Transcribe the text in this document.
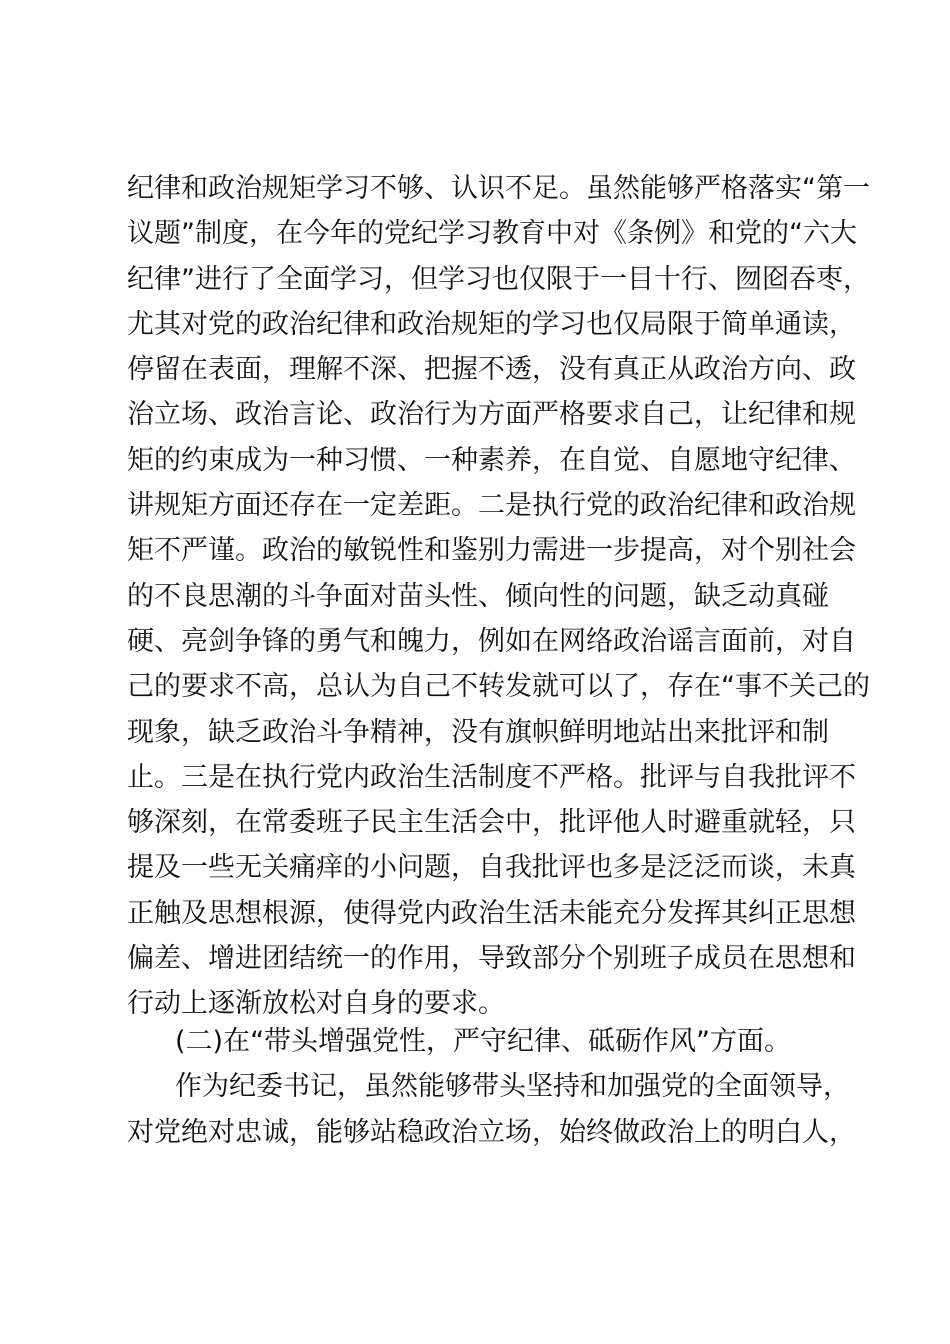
纪律和政治规矩学习不够、认识不足。虽然能够严格落实“第一
议题”制度，在今年的党纪学习教育中对《条例》和党的“六大
纪律”进行了全面学习，但学习也仅限于一目十行、囫囵吞枣，
尤其对党的政治纪律和政治规矩的学习也仅局限于简单通读，
停留在表面，理解不深、把握不透，没有真正从政治方向、政
治立场、政治言论、政治行为方面严格要求自己，让纪律和规
矩的约束成为一种习惯、一种素养，在自觉、自愿地守纪律、
讲规矩方面还存在一定差距。二是执行党的政治纪律和政治规
矩不严谨。政治的敏锐性和鉴别力需进一步提高，对个别社会
的不良思潮的斗争面对苗头性、倾向性的问题，缺乏动真碰
硬、亮剑争锋的勇气和魄力，例如在网络政治谣言面前，对自
己的要求不高，总认为自己不转发就可以了，存在“事不关己的
现象，缺乏政治斗争精神，没有旗帜鲜明地站出来批评和制
止。三是在执行党内政治生活制度不严格。批评与自我批评不
够深刻，在常委班子民主生活会中，批评他人时避重就轻，只
提及一些无关痛痒的小问题，自我批评也多是泛泛而谈，未真
正触及思想根源，使得党内政治生活未能充分发挥其纠正思想
偏差、增进团结统一的作用，导致部分个别班子成员在思想和
行动上逐渐放松对自身的要求。
(二)在“带头增强党性，严守纪律、砥砺作风”方面。
作为纪委书记，虽然能够带头坚持和加强党的全面领导，
对党绝对忠诚，能够站稳政治立场，始终做政治上的明白人，
